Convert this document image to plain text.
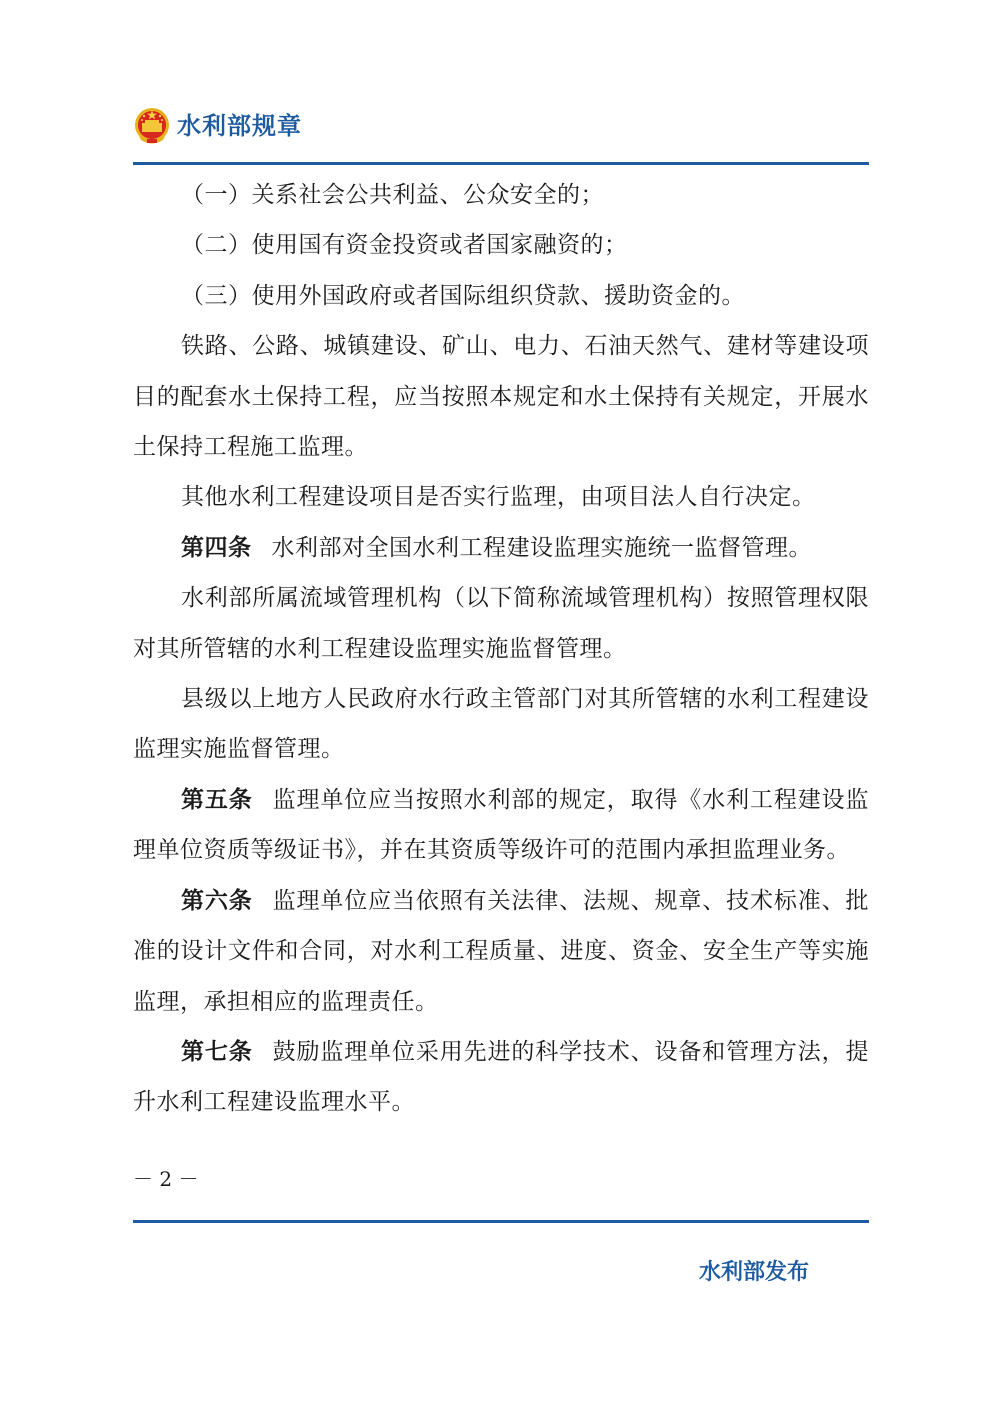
水利部规章

（一）关系社会公共利益、公众安全的；

（二）使用国有资金投资或者国家融资的；

（三）使用外国政府或者国际组织贷款、援助资金的。

铁路、公路、城镇建设、矿山、电力、石油天然气、建材等建设项目的配套水土保持工程，应当按照本规定和水土保持有关规定，开展水土保持工程施工监理。

其他水利工程建设项目是否实行监理，由项目法人自行决定。

第四条 水利部对全国水利工程建设监理实施统一监督管理。

水利部所属流域管理机构（以下简称流域管理机构）按照管理权限对其所管辖的水利工程建设监理实施监督管理。

县级以上地方人民政府水行政主管部门对其所管辖的水利工程建设监理实施监督管理。

第五条 监理单位应当按照水利部的规定，取得《水利工程建设监理单位资质等级证书》，并在其资质等级许可的范围内承担监理业务。

第六条 监理单位应当依照有关法律、法规、规章、技术标准、批准的设计文件和合同，对水利工程质量、进度、资金、安全生产等实施监理，承担相应的监理责任。

第七条 鼓励监理单位采用先进的科学技术、设备和管理方法，提升水利工程建设监理水平。

－ 2 －
水利部发布
